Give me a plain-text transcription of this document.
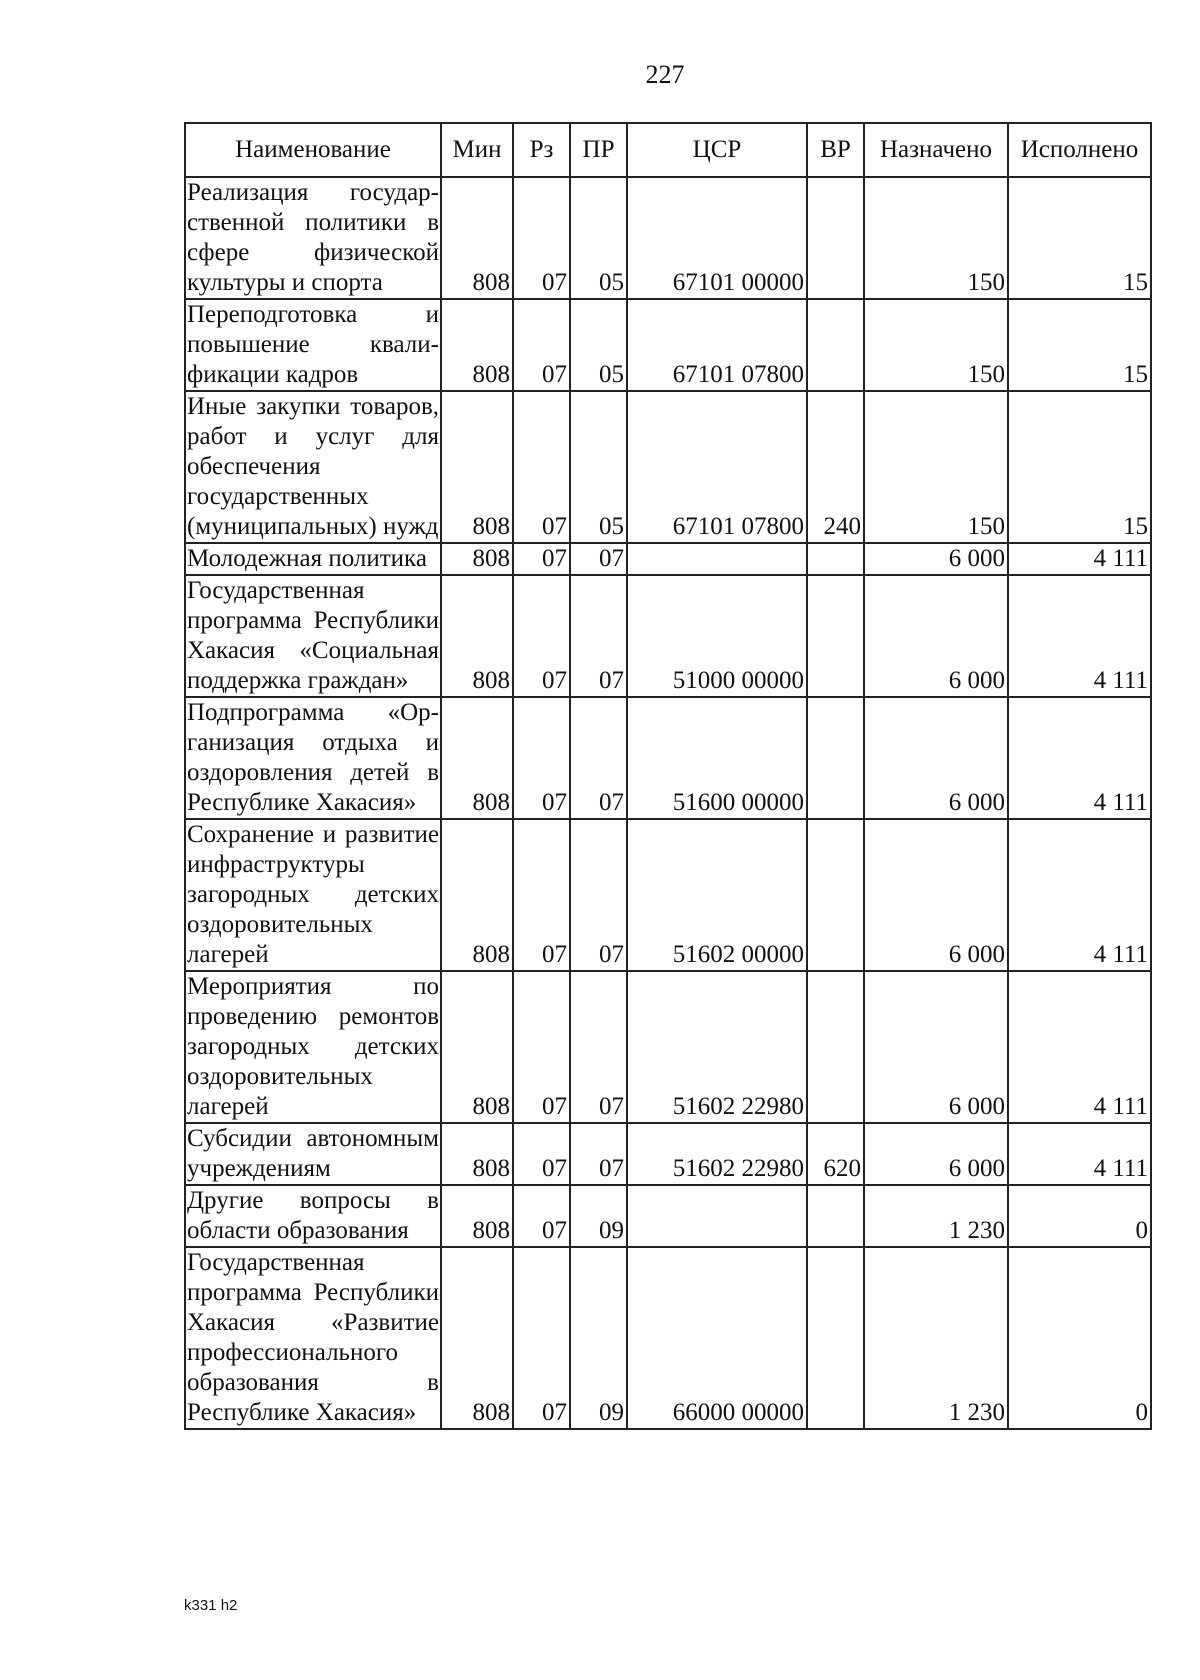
227
Наименование	Мин	Рз	ПР	ЦСР	ВР	Назначено	Исполнено
Реализация государственной политики в сфере физической культуры и спорта	808	07	05	67101 00000		150	15
Переподготовка и повышение квалификации кадров	808	07	05	67101 07800		150	15
Иные закупки товаров, работ и услуг для обеспечения государственных (муниципальных) нужд	808	07	05	67101 07800	240	150	15
Молодежная политика	808	07	07			6 000	4 111
Государственная программа Республики Хакасия «Социальная поддержка граждан»	808	07	07	51000 00000		6 000	4 111
Подпрограмма «Организация отдыха и оздоровления детей в Республике Хакасия»	808	07	07	51600 00000		6 000	4 111
Сохранение и развитие инфраструктуры загородных детских оздоровительных лагерей	808	07	07	51602 00000		6 000	4 111
Мероприятия по проведению ремонтов загородных детских оздоровительных лагерей	808	07	07	51602 22980		6 000	4 111
Субсидии автономным учреждениям	808	07	07	51602 22980	620	6 000	4 111
Другие вопросы в области образования	808	07	09			1 230	0
Государственная программа Республики Хакасия «Развитие профессионального образования в Республике Хакасия»	808	07	09	66000 00000		1 230	0
k331 h2
